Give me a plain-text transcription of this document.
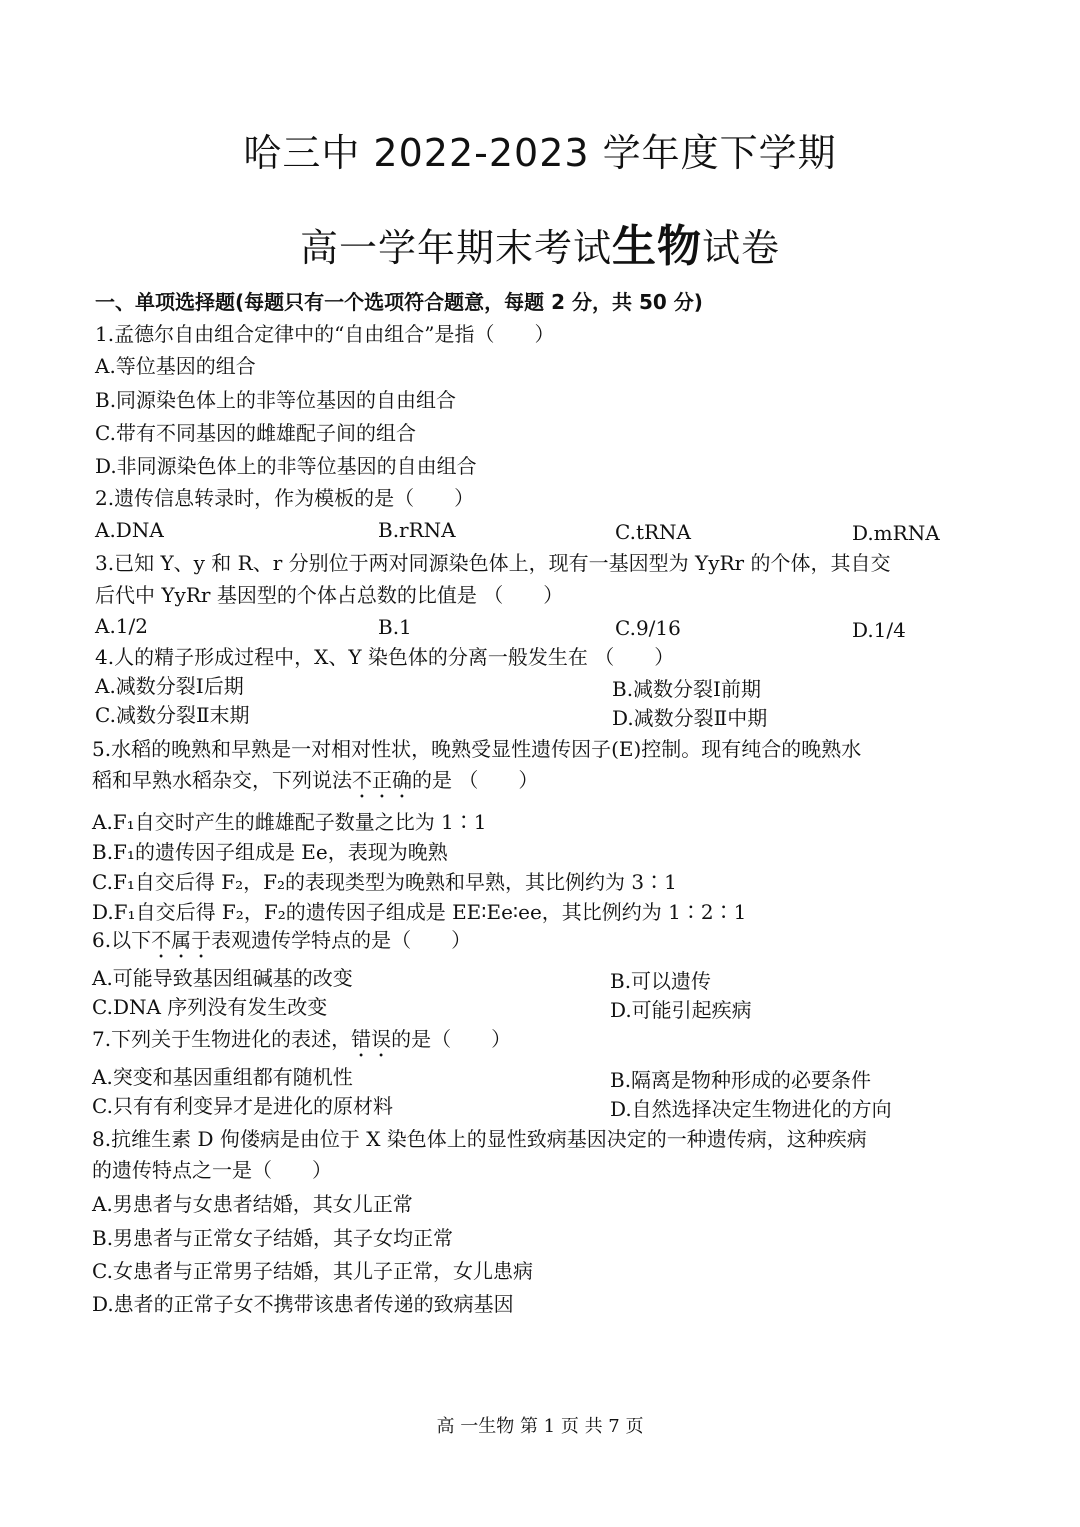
哈三中 2022-2023 学年度下学期
高一学年期末考试生物试卷
一、单项选择题(每题只有一个选项符合题意，每题 2 分，共 50 分)
1.孟德尔自由组合定律中的“自由组合”是指（　　）
A.等位基因的组合
B.同源染色体上的非等位基因的自由组合
C.带有不同基因的雌雄配子间的组合
D.非同源染色体上的非等位基因的自由组合
2.遗传信息转录时，作为模板的是（　　）
A.DNA	B.rRNA	C.tRNA	D.mRNA
3.已知 Y、y 和 R、r 分别位于两对同源染色体上，现有一基因型为 YyRr 的个体，其自交
后代中 YyRr 基因型的个体占总数的比值是 （　　）
A.1/2	B.1	C.9/16	D.1/4
4.人的精子形成过程中，X、Y 染色体的分离一般发生在 （　　）
A.减数分裂Ⅰ后期	B.减数分裂Ⅰ前期
C.减数分裂Ⅱ末期	D.减数分裂Ⅱ中期
5.水稻的晚熟和早熟是一对相对性状，晚熟受显性遗传因子(E)控制。现有纯合的晚熟水
稻和早熟水稻杂交，下列说法不正确的是 （　　）
A.F₁自交时产生的雌雄配子数量之比为 1∶1
B.F₁的遗传因子组成是 Ee，表现为晚熟
C.F₁自交后得 F₂，F₂的表现类型为晚熟和早熟，其比例约为 3∶1
D.F₁自交后得 F₂，F₂的遗传因子组成是 EE∶Ee∶ee，其比例约为 1∶2∶1
6.以下不属于表观遗传学特点的是（　　）
A.可能导致基因组碱基的改变	B.可以遗传
C.DNA 序列没有发生改变	D.可能引起疾病
7.下列关于生物进化的表述，错误的是（　　）
A.突变和基因重组都有随机性	B.隔离是物种形成的必要条件
C.只有有利变异才是进化的原材料	D.自然选择决定生物进化的方向
8.抗维生素 D 佝偻病是由位于 X 染色体上的显性致病基因决定的一种遗传病，这种疾病
的遗传特点之一是（　　）
A.男患者与女患者结婚，其女儿正常
B.男患者与正常女子结婚，其子女均正常
C.女患者与正常男子结婚，其儿子正常，女儿患病
D.患者的正常子女不携带该患者传递的致病基因
高 一生物 第 1 页 共 7 页
